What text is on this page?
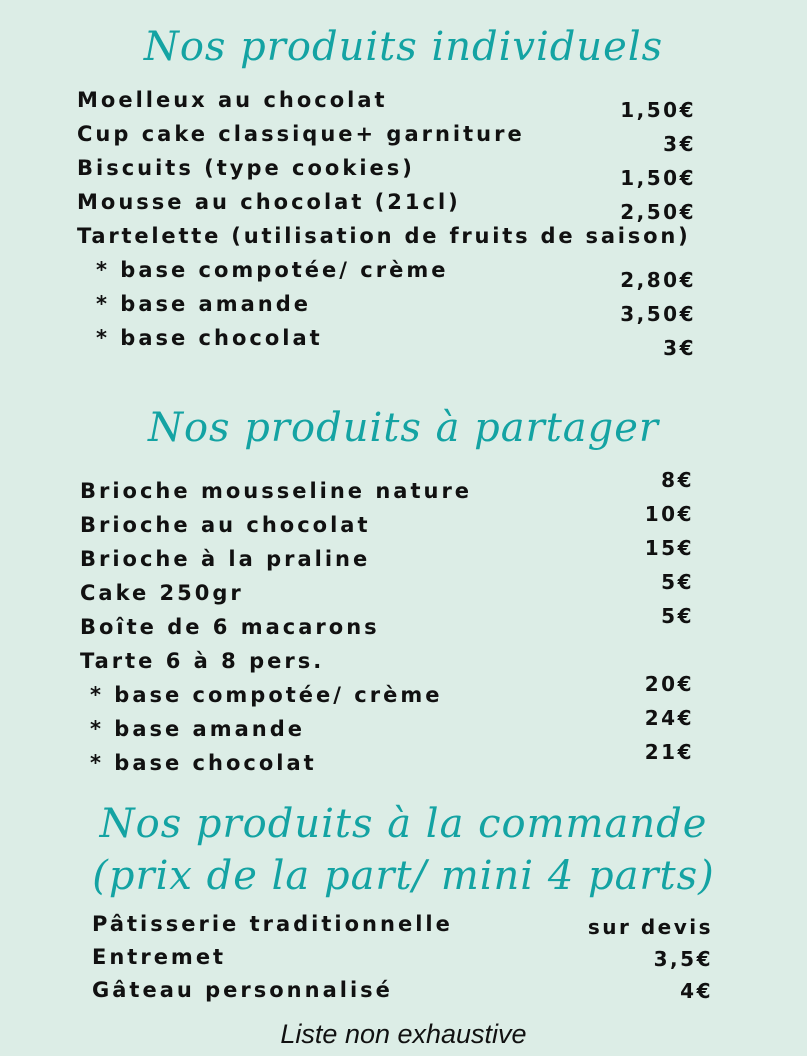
Nos produits individuels

Moelleux au chocolat	1,50€

Cup cake classique+ garniture	3€

Biscuits (type cookies)	1,50€

Mousse au chocolat (21cl)	2,50€

Tartelette (utilisation de fruits de saison)

* base compotée/ crème	2,80€

* base amande	3,50€

* base chocolat	3€

Nos produits à partager

Brioche mousseline nature	8€

Brioche au chocolat	10€

Brioche à la praline	15€

Cake 250gr	5€

Boîte de 6 macarons	5€

Tarte 6 à 8 pers.

* base compotée/ crème	20€

* base amande	24€

* base chocolat	21€

Nos produits à la commande
(prix de la part/ mini 4 parts)

Pâtisserie traditionnelle	sur devis

Entremet	3,5€

Gâteau personnalisé	4€

Liste non exhaustive
